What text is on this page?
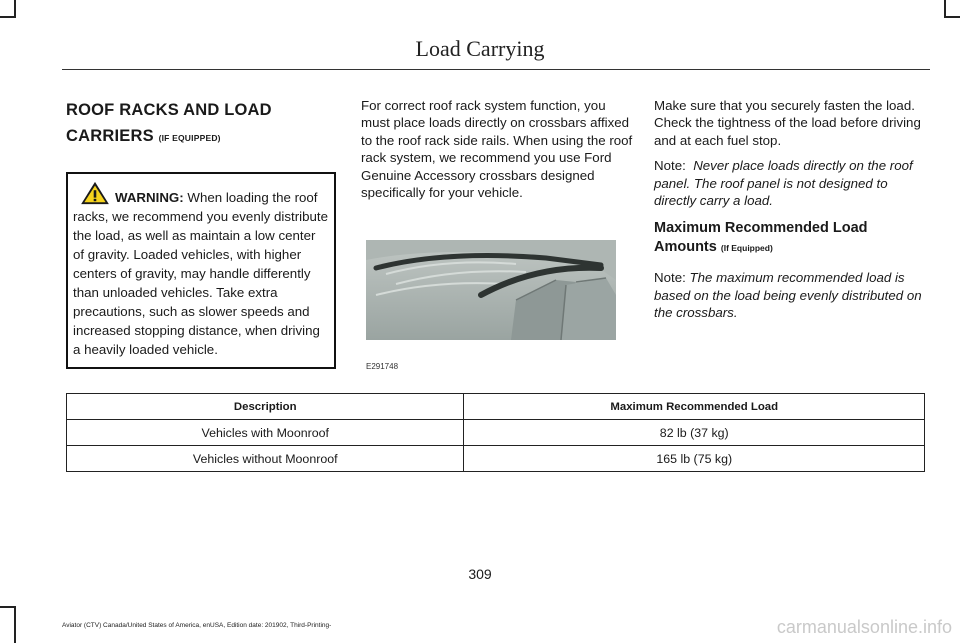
Load Carrying
ROOF RACKS AND LOAD
CARRIERS (IF EQUIPPED)
WARNING: When loading the roof racks, we recommend you evenly distribute the load, as well as maintain a low center of gravity. Loaded vehicles, with higher centers of gravity, may handle differently than unloaded vehicles. Take extra precautions, such as slower speeds and increased stopping distance, when driving a heavily loaded vehicle.

For correct roof rack system function, you must place loads directly on crossbars affixed to the roof rack side rails. When using the roof rack system, we recommend you use Ford Genuine Accessory crossbars designed specifically for your vehicle.

E291748

Make sure that you securely fasten the load. Check the tightness of the load before driving and at each fuel stop.

Note: Never place loads directly on the roof panel. The roof panel is not designed to directly carry a load.

Maximum Recommended Load Amounts (If Equipped)

Note: The maximum recommended load is based on the load being evenly distributed on the crossbars.

Description	Maximum Recommended Load
Vehicles with Moonroof	82 lb (37 kg)
Vehicles without Moonroof	165 lb (75 kg)
309
Aviator (CTV) Canada/United States of America, enUSA, Edition date: 201902, Third-Printing-	carmanualsonline.info
